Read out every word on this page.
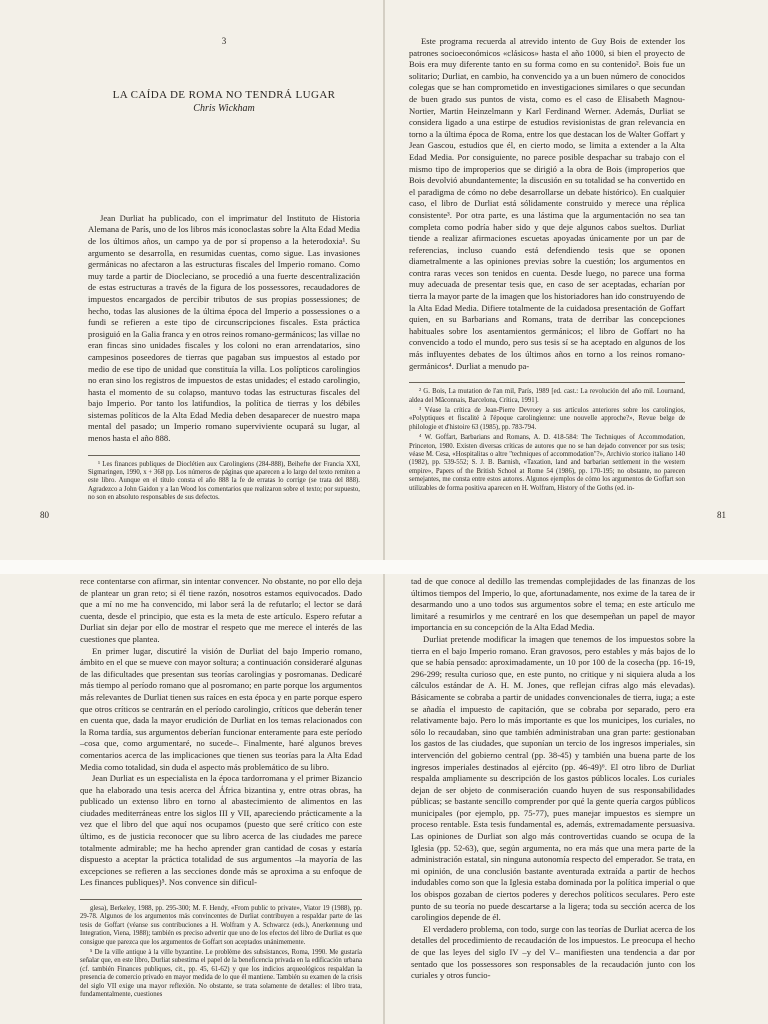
3
LA CAÍDA DE ROMA NO TENDRÁ LUGAR
Chris Wickham

Jean Durliat ha publicado, con el imprimatur del Instituto de Historia Alemana de París, uno de los libros más iconoclastas sobre la Alta Edad Media de los últimos años, un campo ya de por sí propenso a la heterodoxia¹. Su argumento se desarrolla, en resumidas cuentas, como sigue. Las invasiones germánicas no afectaron a las estructuras fiscales del Imperio romano. Como muy tarde a partir de Diocleciano, se procedió a una fuerte descentralización de estas estructuras a través de la figura de los possessores, recaudadores de impuestos encargados de percibir tributos de sus propias possessiones; de hecho, todas las alusiones de la última época del Imperio a possessiones o a fundi se refieren a este tipo de circunscripciones fiscales. Esta práctica prosiguió en la Galia franca y en otros reinos romano-germánicos; las villae no eran fincas sino unidades fiscales y los coloni no eran arrendatarios, sino campesinos poseedores de tierras que pagaban sus impuestos al estado por medio de ese tipo de unidad que constituía la villa. Los polípticos carolingios no eran sino los registros de impuestos de estas unidades; el estado carolingio, hasta el momento de su colapso, mantuvo todas las estructuras fiscales del bajo Imperio. Por tanto los latifundios, la política de tierras y los débiles sistemas políticos de la Alta Edad Media deben desaparecer de nuestro mapa mental del pasado; un Imperio romano superviviente ocupará su lugar, al menos hasta el año 888.

¹ Les finances publiques de Dioclétien aux Carolingiens (284-888), Beihefte der Francia XXI, Sigmaringen, 1990, x + 368 pp. Los números de páginas que aparecen a lo largo del texto remiten a este libro. Aunque en el título consta el año 888 la fe de erratas lo corrige (se trata del 888). Agradezco a John Gaidon y a Ian Wood los comentarios que realizaron sobre el texto; por supuesto, no son en absoluto responsables de sus defectos.

80

Este programa recuerda al atrevido intento de Guy Bois de extender los patrones socioeconómicos «clásicos» hasta el año 1000, si bien el proyecto de Bois era muy diferente tanto en su forma como en su contenido². Bois fue un solitario; Durliat, en cambio, ha convencido ya a un buen número de conocidos colegas que se han comprometido en investigaciones similares o que secundan de buen grado sus puntos de vista, como es el caso de Elisabeth Magnou-Nortier, Martin Heinzelmann y Karl Ferdinand Werner. Además, Durliat se considera ligado a una estirpe de estudios revisionistas de gran relevancia en torno a la última época de Roma, entre los que destacan los de Walter Goffart y Jean Gascou, estudios que él, en cierto modo, se limita a extender a la Alta Edad Media. Por consiguiente, no parece posible despachar su trabajo con el mismo tipo de improperios que se dirigió a la obra de Bois (improperios que Bois devolvió abundantemente; la discusión en su totalidad se ha convertido en el paradigma de cómo no debe desarrollarse un debate histórico). En cualquier caso, el libro de Durliat está sólidamente construido y merece una réplica consistente³. Por otra parte, es una lástima que la argumentación no sea tan completa como podría haber sido y que deje algunos cabos sueltos. Durliat tiende a realizar afirmaciones escuetas apoyadas únicamente por un par de referencias, incluso cuando está defendiendo tesis que se oponen diametralmente a las opiniones previas sobre la cuestión; los argumentos en contra raras veces son tenidos en cuenta. Desde luego, no parece una forma muy adecuada de presentar tesis que, en caso de ser aceptadas, echarían por tierra la mayor parte de la imagen que los historiadores han ido construyendo de la Alta Edad Media. Difiere totalmente de la cuidadosa presentación de Goffart quien, en su Barbarians and Romans, trata de derribar las concepciones habituales sobre los asentamientos germánicos; el libro de Goffart no ha convencido a todo el mundo, pero sus tesis sí se ha aceptado en algunos de los más influyentes debates de los últimos años en torno a los reinos romano-germánicos⁴. Durliat a menudo pa-

² G. Bois, La mutation de l'an mil, París, 1989 [ed. cast.: La revolución del año mil. Lournand, aldea del Mâconnais, Barcelona, Crítica, 1991].

³ Véase la crítica de Jean-Pierre Devroey a sus artículos anteriores sobre los carolingios, «Polyptiques et fiscalité à l'époque carolingienne: une nouvelle approche?», Revue belge de philologie et d'histoire 63 (1985), pp. 783-794.

⁴ W. Goffart, Barbarians and Romans, A. D. 418-584: The Techniques of Accommodation, Princeton, 1980. Existen diversas críticas de autores que no se han dejado convencer por sus tesis; véase M. Cesa, «Hospitalitas o altre "techniques of accommodation"?», Archivio storico italiano 140 (1982), pp. 539-552; S. J. B. Barnish, «Taxation, land and barbarian settlement in the western empire», Papers of the British School at Rome 54 (1986), pp. 170-195; no obstante, no parecen semejantes, me consta entre estos autores. Algunos ejemplos de cómo los argumentos de Goffart son utilizables de forma positiva aparecen en H. Wolfram, History of the Goths (ed. in-

81

rece contentarse con afirmar, sin intentar convencer. No obstante, no por ello deja de plantear un gran reto; si él tiene razón, nosotros estamos equivocados. Dado que a mí no me ha convencido, mi labor será la de refutarlo; el lector se dará cuenta, desde el principio, que esta es la meta de este artículo. Espero refutar a Durliat sin dejar por ello de mostrar el respeto que me merece el interés de las cuestiones que plantea.

En primer lugar, discutiré la visión de Durliat del bajo Imperio romano, ámbito en el que se mueve con mayor soltura; a continuación consideraré algunas de las dificultades que presentan sus teorías carolingias y posromanas. Dedicaré más tiempo al período romano que al posromano; en parte porque los argumentos más relevantes de Durliat tienen sus raíces en esta época y en parte porque espero que otros críticos se centrarán en el período carolingio, críticos que deberán tener en cuenta que, dada la mayor erudición de Durliat en los temas relacionados con la Roma tardía, sus argumentos deberían funcionar enteramente para este período –cosa que, como argumentaré, no sucede–. Finalmente, haré algunos breves comentarios acerca de las implicaciones que tienen sus teorías para la Alta Edad Media como totalidad, sin duda el aspecto más problemático de su libro.

Jean Durliat es un especialista en la época tardorromana y el primer Bizancio que ha elaborado una tesis acerca del África bizantina y, entre otras obras, ha publicado un extenso libro en torno al abastecimiento de alimentos en las ciudades mediterráneas entre los siglos III y VII, apareciendo prácticamente a la vez que el libro del que aquí nos ocupamos (puesto que seré crítico con este último, es de justicia reconocer que su libro acerca de las ciudades me parece totalmente admirable; me ha hecho aprender gran cantidad de cosas y estaría dispuesto a aceptar la práctica totalidad de sus argumentos –la mayoría de las excepciones se refieren a las secciones donde más se aproxima a su enfoque de Les finances publiques)⁵. Nos convence sin dificul-

glesa), Berkeley, 1988, pp. 295-300; M. F. Hendy, «From public to private», Viator 19 (1988), pp. 29-78. Algunos de los argumentos más convincentes de Durliat contribuyen a respaldar parte de las tesis de Goffart (véanse sus contribuciones a H. Wolfram y A. Schwarcz (eds.), Anerkennung und Integration, Viena, 1988); también es preciso advertir que uno de los efectos del libro de Durliat es que consigue que parezca que los argumentos de Goffart son aceptados unánimemente.

⁵ De la ville antique à la ville byzantine. Le problème des subsistances, Roma, 1990. Me gustaría señalar que, en este libro, Durliat subestima el papel de la beneficencia privada en la edificación urbana (cf. también Finances publiques, cit., pp. 45, 61-62) y que los indicios arqueológicos respaldan la presencia de comercio privado en mayor medida de lo que él mantiene. También su examen de la crisis del siglo VII exige una mayor reflexión. No obstante, se trata solamente de detalles: el libro trata, fundamentalmente, cuestiones

tad de que conoce al dedillo las tremendas complejidades de las finanzas de los últimos tiempos del Imperio, lo que, afortunadamente, nos exime de la tarea de ir desarmando uno a uno todos sus argumentos sobre el tema; en este artículo me limitaré a resumirlos y me centraré en los que desempeñan un papel de mayor importancia en su concepción de la Alta Edad Media.

Durliat pretende modificar la imagen que tenemos de los impuestos sobre la tierra en el bajo Imperio romano. Eran gravosos, pero estables y más bajos de lo que se había pensado: aproximadamente, un 10 por 100 de la cosecha (pp. 16-19, 296-299; resulta curioso que, en este punto, no critique y ni siquiera aluda a los cálculos estándar de A. H. M. Jones, que reflejan cifras algo más elevadas). Básicamente se cobraba a partir de unidades convencionales de tierra, iuga; a este se añadía el impuesto de capitación, que se cobraba por separado, pero era relativamente bajo. Pero lo más importante es que los municipes, los curiales, no sólo lo recaudaban, sino que también administraban una gran parte: gestionaban los gastos de las ciudades, que suponían un tercio de los ingresos imperiales, sin intervención del gobierno central (pp. 38-45) y también una buena parte de los ingresos imperiales destinados al ejército (pp. 46-49)⁶. El otro libro de Durliat respalda ampliamente su descripción de los gastos públicos locales. Los curiales dejan de ser objeto de conmiseración cuando huyen de sus responsabilidades públicas; se bastante sencillo comprender por qué la gente quería cargos públicos municipales (por ejemplo, pp. 75-77), pues manejar impuestos es siempre un proceso rentable. Esta tesis fundamental es, además, extremadamente persuasiva. Las opiniones de Durliat son algo más controvertidas cuando se ocupa de la Iglesia (pp. 52-63), que, según argumenta, no era más que una mera parte de la administración estatal, sin ninguna autonomía respecto del emperador. Se trata, en mi opinión, de una conclusión bastante aventurada extraída a partir de hechos indudables como son que la Iglesia estaba dominada por la política imperial o que los obispos gozaban de ciertos poderes y derechos políticos seculares. Pero este punto de su teoría no puede descartarse a la ligera; toda su sección acerca de los carolingios depende de él.

El verdadero problema, con todo, surge con las teorías de Durliat acerca de los detalles del procedimiento de recaudación de los impuestos. Le preocupa el hecho de que las leyes del siglo IV –y del V– manifiesten una tendencia a dar por sentado que los possessores son responsables de la recaudación junto con los curiales y otros funcio-
